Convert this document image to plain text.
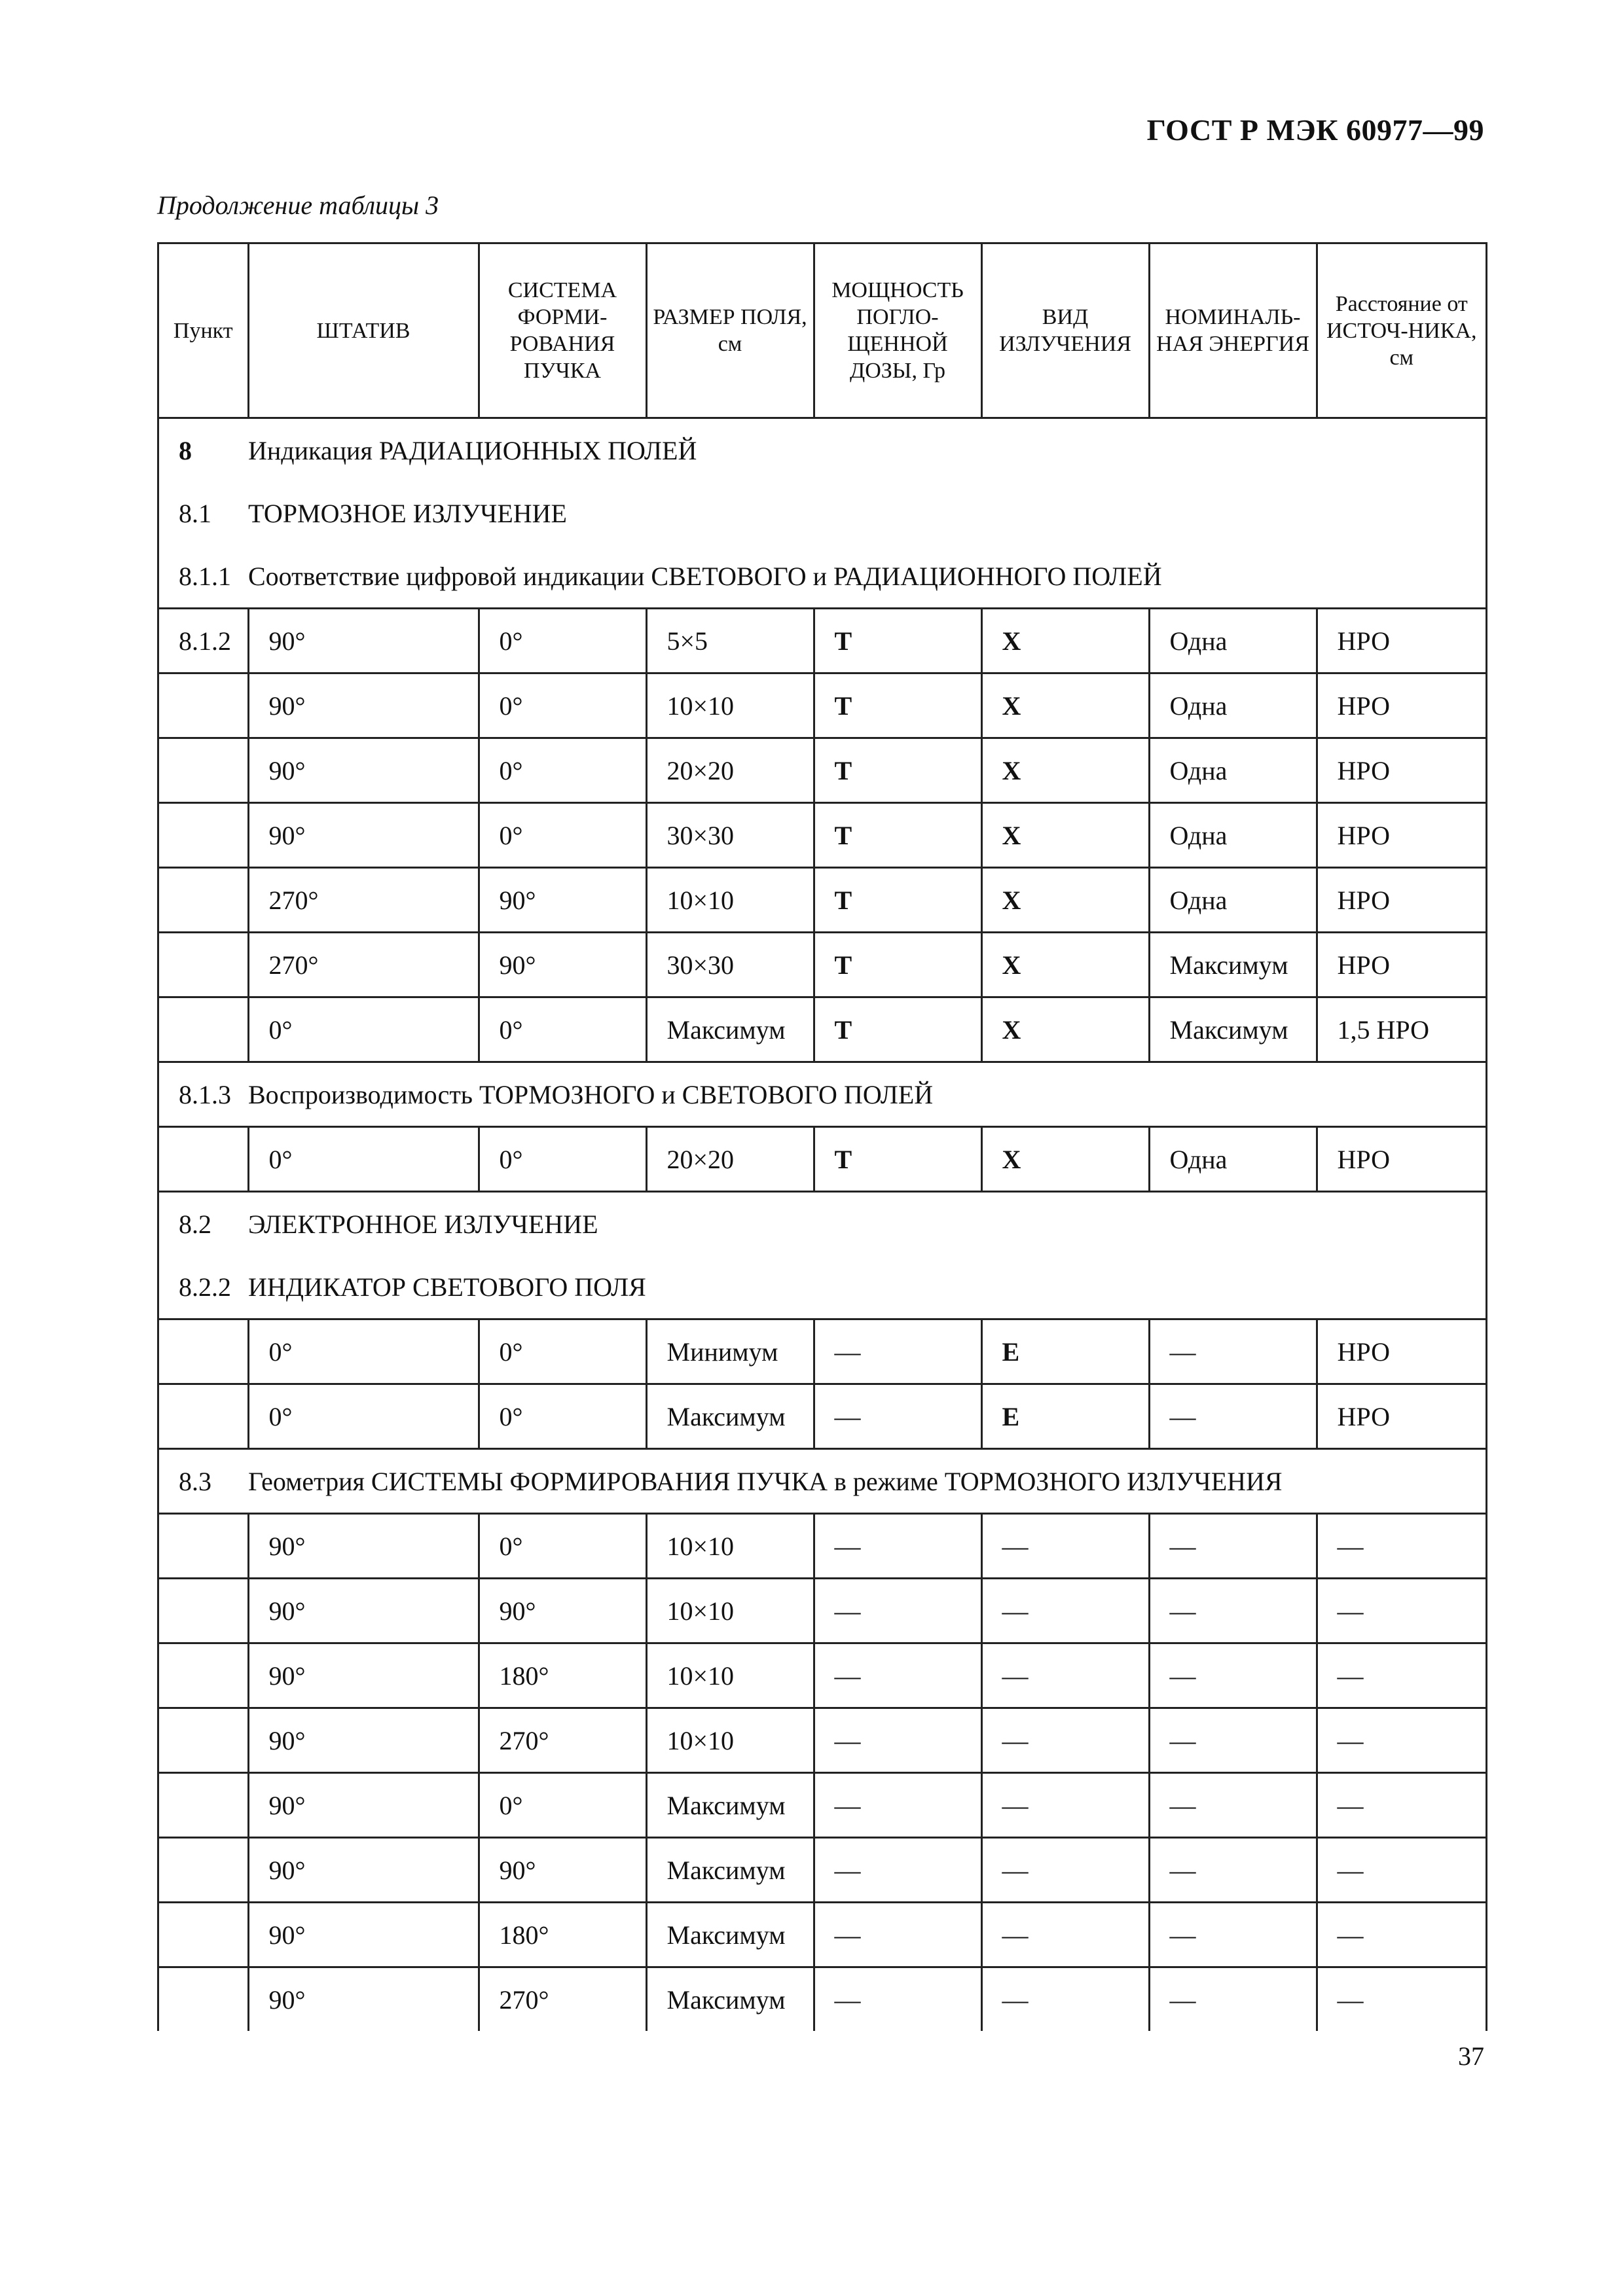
ГОСТ Р МЭК 60977—99
Продолжение таблицы 3
Пункт	ШТАТИВ	СИСТЕМА ФОРМИ-РОВАНИЯ ПУЧКА	РАЗМЕР ПОЛЯ, см	МОЩНОСТЬ ПОГЛО-ЩЕННОЙ ДОЗЫ, Гр	ВИД ИЗЛУЧЕНИЯ	НОМИНАЛЬ-НАЯ ЭНЕРГИЯ	Расстояние от ИСТОЧ-НИКА, см
8	Индикация РАДИАЦИОННЫХ ПОЛЕЙ						
8.1	ТОРМОЗНОЕ ИЗЛУЧЕНИЕ						
8.1.1	Соответствие цифровой индикации СВЕТОВОГО и РАДИАЦИОННОГО ПОЛЕЙ						
8.1.2	90°	0°	5×5	Т	Х	Одна	НРО
	90°	0°	10×10	Т	Х	Одна	НРО
	90°	0°	20×20	Т	Х	Одна	НРО
	90°	0°	30×30	Т	Х	Одна	НРО
	270°	90°	10×10	Т	Х	Одна	НРО
	270°	90°	30×30	Т	Х	Максимум	НРО
	0°	0°	Максимум	Т	Х	Максимум	1,5 НРО
8.1.3	Воспроизводимость ТОРМОЗНОГО и СВЕТОВОГО ПОЛЕЙ						
	0°	0°	20×20	Т	Х	Одна	НРО
8.2	ЭЛЕКТРОННОЕ ИЗЛУЧЕНИЕ						
8.2.2	ИНДИКАТОР СВЕТОВОГО ПОЛЯ						
	0°	0°	Минимум	—	Е	—	НРО
	0°	0°	Максимум	—	Е	—	НРО
8.3	Геометрия СИСТЕМЫ ФОРМИРОВАНИЯ ПУЧКА в режиме ТОРМОЗНОГО ИЗЛУЧЕНИЯ						
	90°	0°	10×10	—	—	—	—
	90°	90°	10×10	—	—	—	—
	90°	180°	10×10	—	—	—	—
	90°	270°	10×10	—	—	—	—
	90°	0°	Максимум	—	—	—	—
	90°	90°	Максимум	—	—	—	—
	90°	180°	Максимум	—	—	—	—
	90°	270°	Максимум	—	—	—	—
37
